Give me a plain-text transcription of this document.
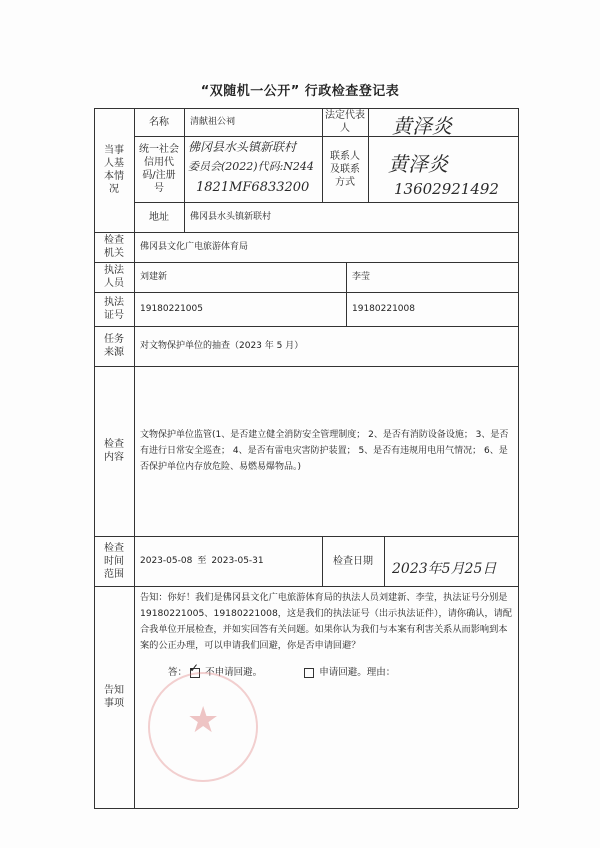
“双随机一公开” 行政检查登记表
当事人基本情况
名称 清献祖公祠
法定代表人	黄泽炎
统一社会信用代码/注册号
佛冈县水头镇新联村
委员会(2022)代码:N244
1821MF6833200
联系人及联系方式
黄泽炎
13602921492
地址 佛冈县水头镇新联村
检查机关
佛冈县文化广电旅游体育局
执法人员
刘建新	李莹
执法证号
19180221005	19180221008
任务来源
对文物保护单位的抽查（2023 年 5 月）
检查内容
文物保护单位监管(1、是否建立健全消防安全管理制度； 2、是否有消防设备设施； 3、是否有进行日常安全巡查； 4、是否有雷电灾害防护装置； 5、是否有违规用电用气情况； 6、是否保护单位内存放危险、易燃易爆物品。)
检查时间范围
2023-05-08 至 2023-05-31	检查日期 2023年5月25日
告知事项
告知：你好！我们是佛冈县文化广电旅游体育局的执法人员刘建新、李莹，执法证号分别是 19180221005、19180221008，这是我们的执法证号（出示执法证件），请你确认，请配合我单位开展检查，并如实回答有关问题。如果你认为我们与本案有利害关系从而影响到本案的公正办理，可以申请我们回避，你是否申请回避？
答： ✓ 不申请回避。	申请回避。理由：
★
